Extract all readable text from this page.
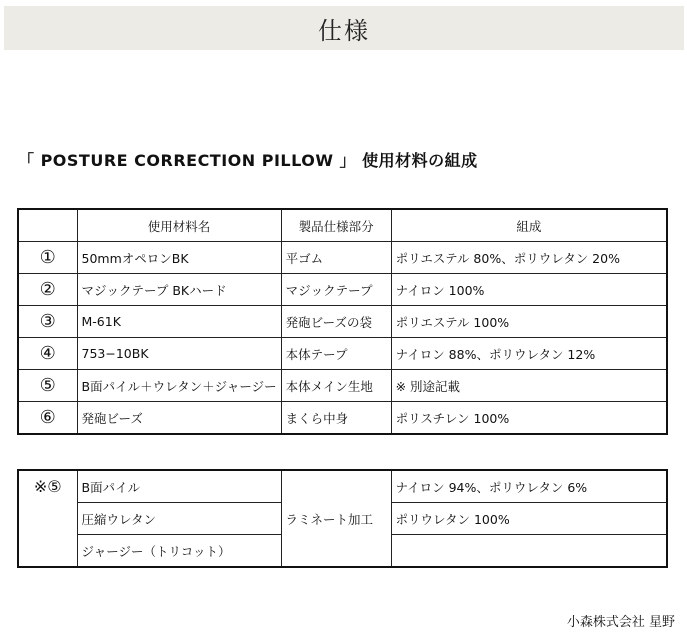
仕様
「 POSTURE CORRECTION PILLOW 」 使用材料の組成
	使用材料名	製品仕様部分	組成
①	50mmオペロンBK	平ゴム	ポリエステル 80%、ポリウレタン 20%
②	マジックテープ BKハード	マジックテープ	ナイロン 100%
③	M-61K	発砲ビーズの袋	ポリエステル 100%
④	753−10BK	本体テープ	ナイロン 88%、ポリウレタン 12%
⑤	B面パイル＋ウレタン＋ジャージー	本体メイン生地	※ 別途記載
⑥	発砲ビーズ	まくら中身	ポリスチレン 100%
※⑤	B面パイル	ラミネート加工	ナイロン 94%、ポリウレタン 6%
	圧縮ウレタン		ポリウレタン 100%
	ジャージー（トリコット）		
小森株式会社 星野
